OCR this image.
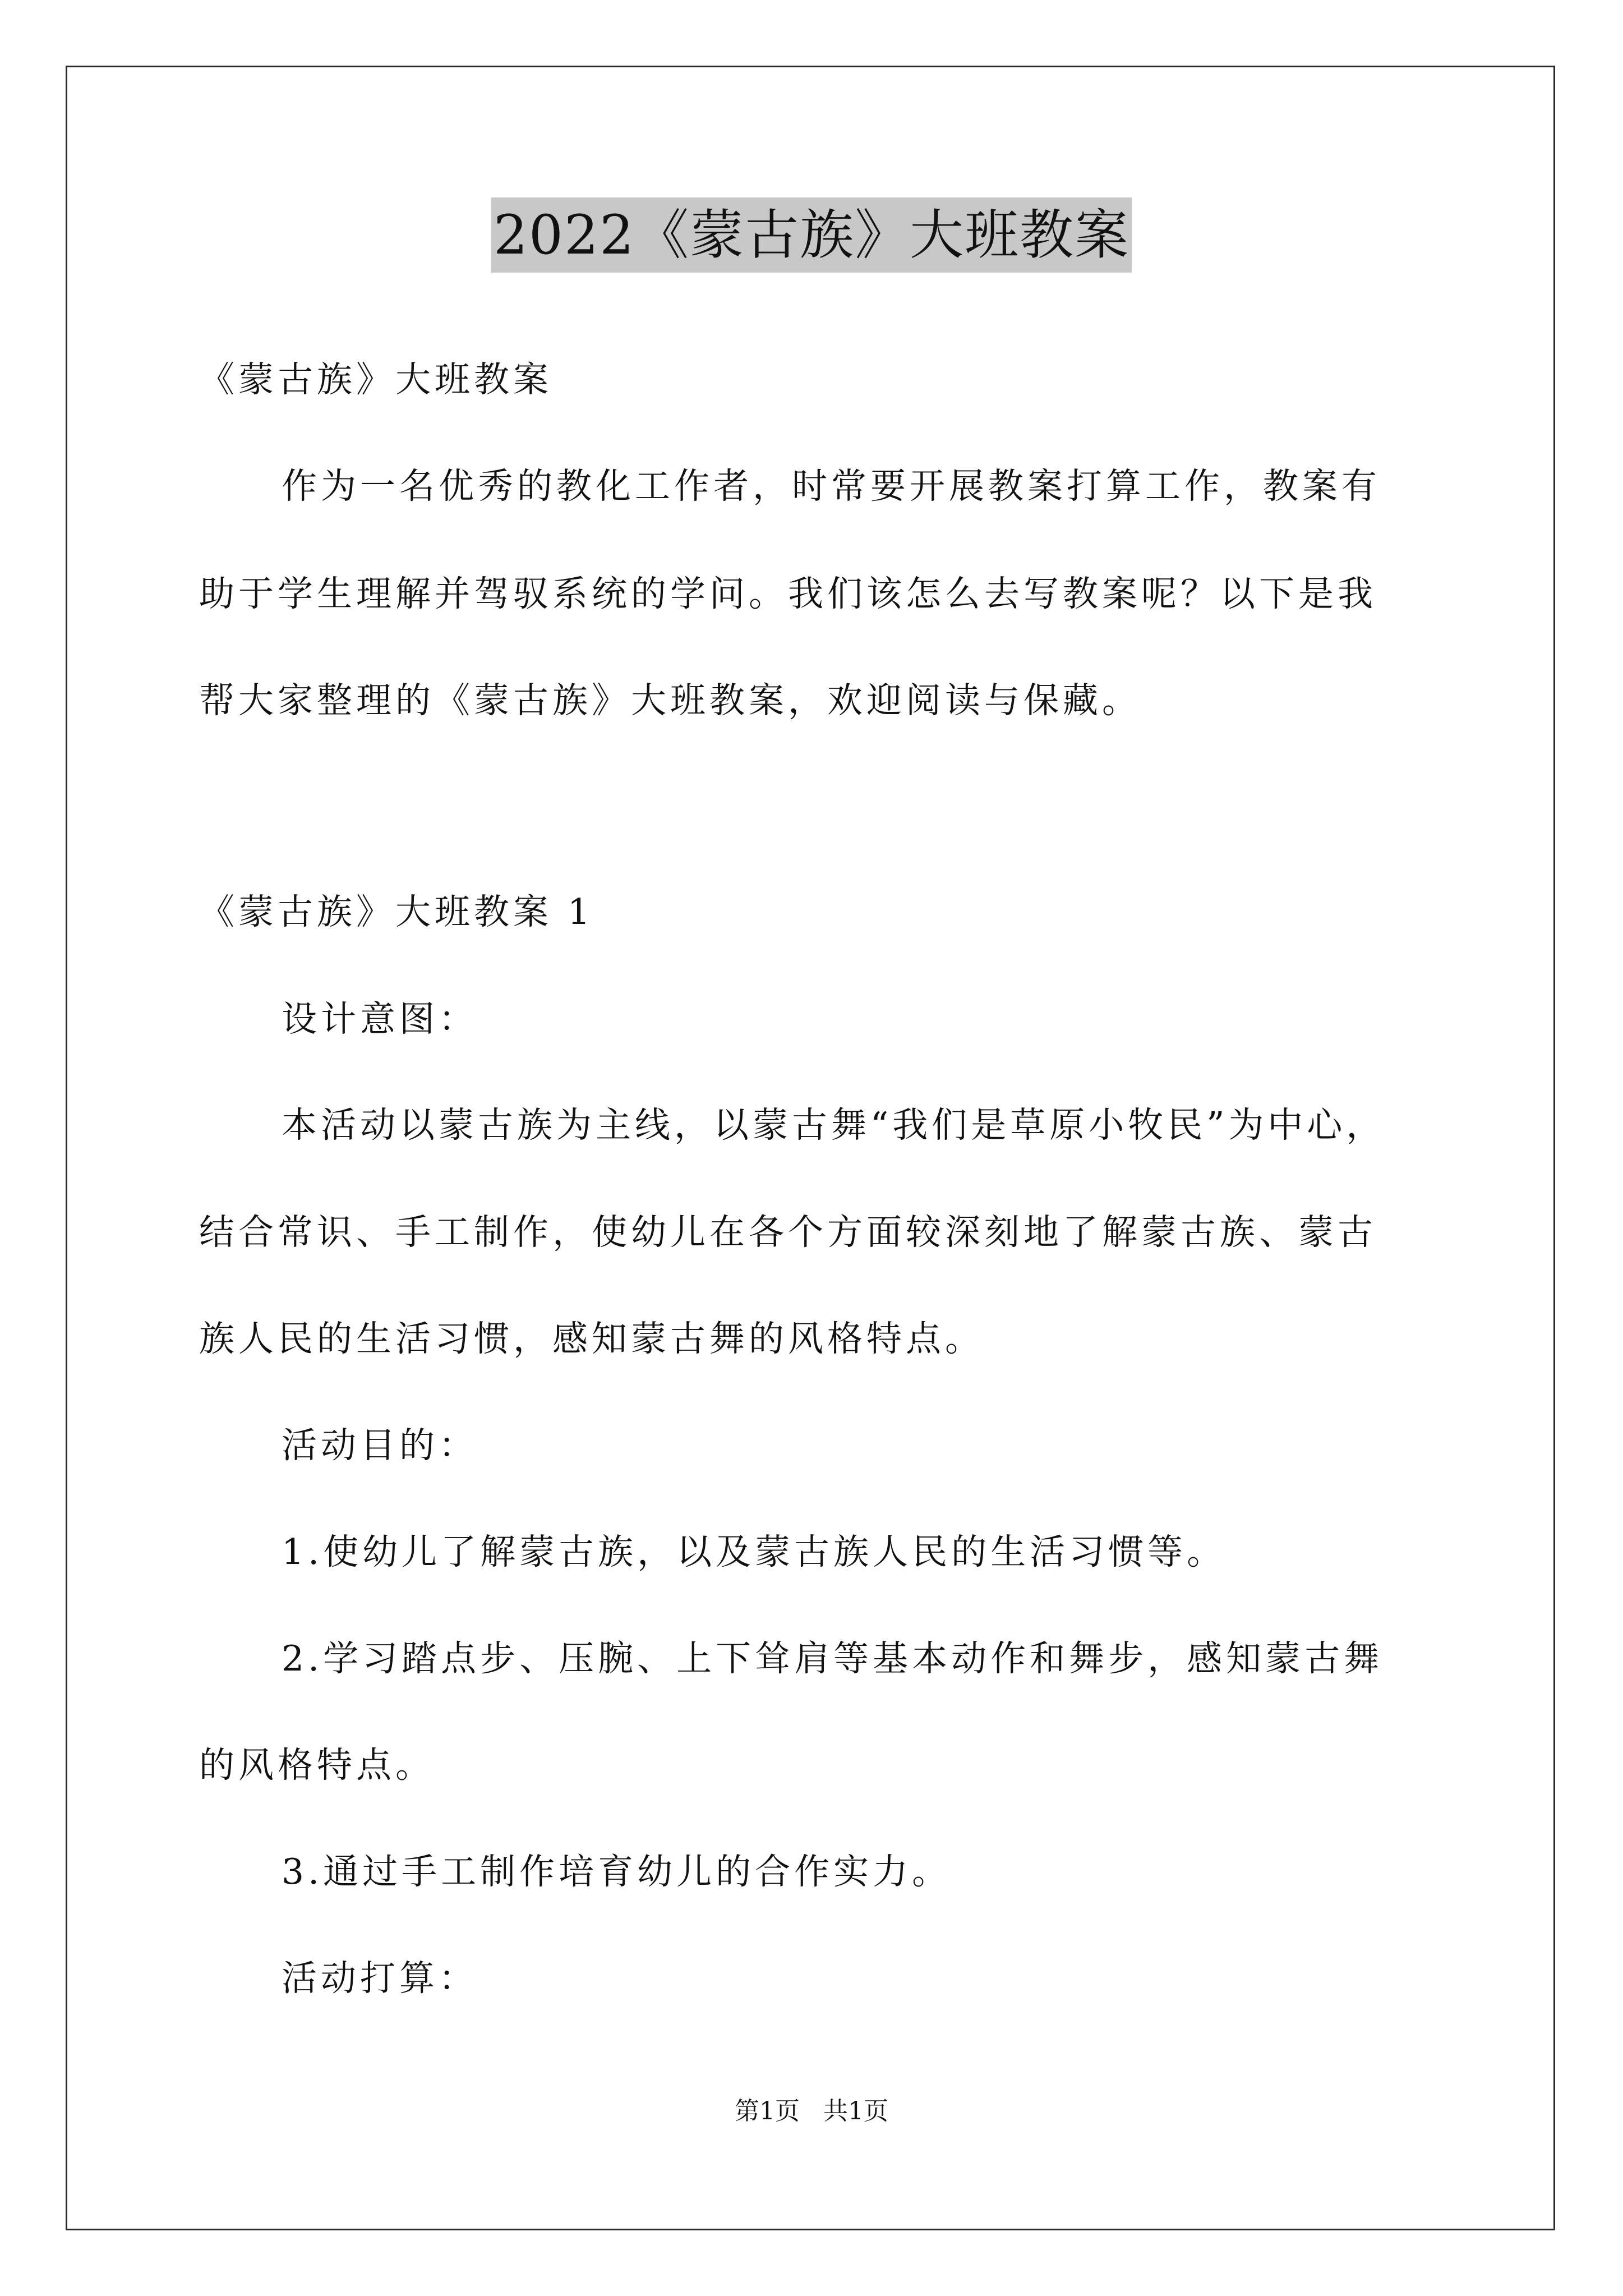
2022《蒙古族》大班教案
《蒙古族》大班教案
作为一名优秀的教化工作者，时常要开展教案打算工作，教案有
助于学生理解并驾驭系统的学问。我们该怎么去写教案呢？以下是我
帮大家整理的《蒙古族》大班教案，欢迎阅读与保藏。
《蒙古族》大班教案 1
设计意图：
本活动以蒙古族为主线，以蒙古舞“我们是草原小牧民”为中心，
结合常识、手工制作，使幼儿在各个方面较深刻地了解蒙古族、蒙古
族人民的生活习惯，感知蒙古舞的风格特点。
活动目的：
1.使幼儿了解蒙古族，以及蒙古族人民的生活习惯等。
2.学习踏点步、压腕、上下耸肩等基本动作和舞步，感知蒙古舞
的风格特点。
3.通过手工制作培育幼儿的合作实力。
活动打算：
第1页   共1页
